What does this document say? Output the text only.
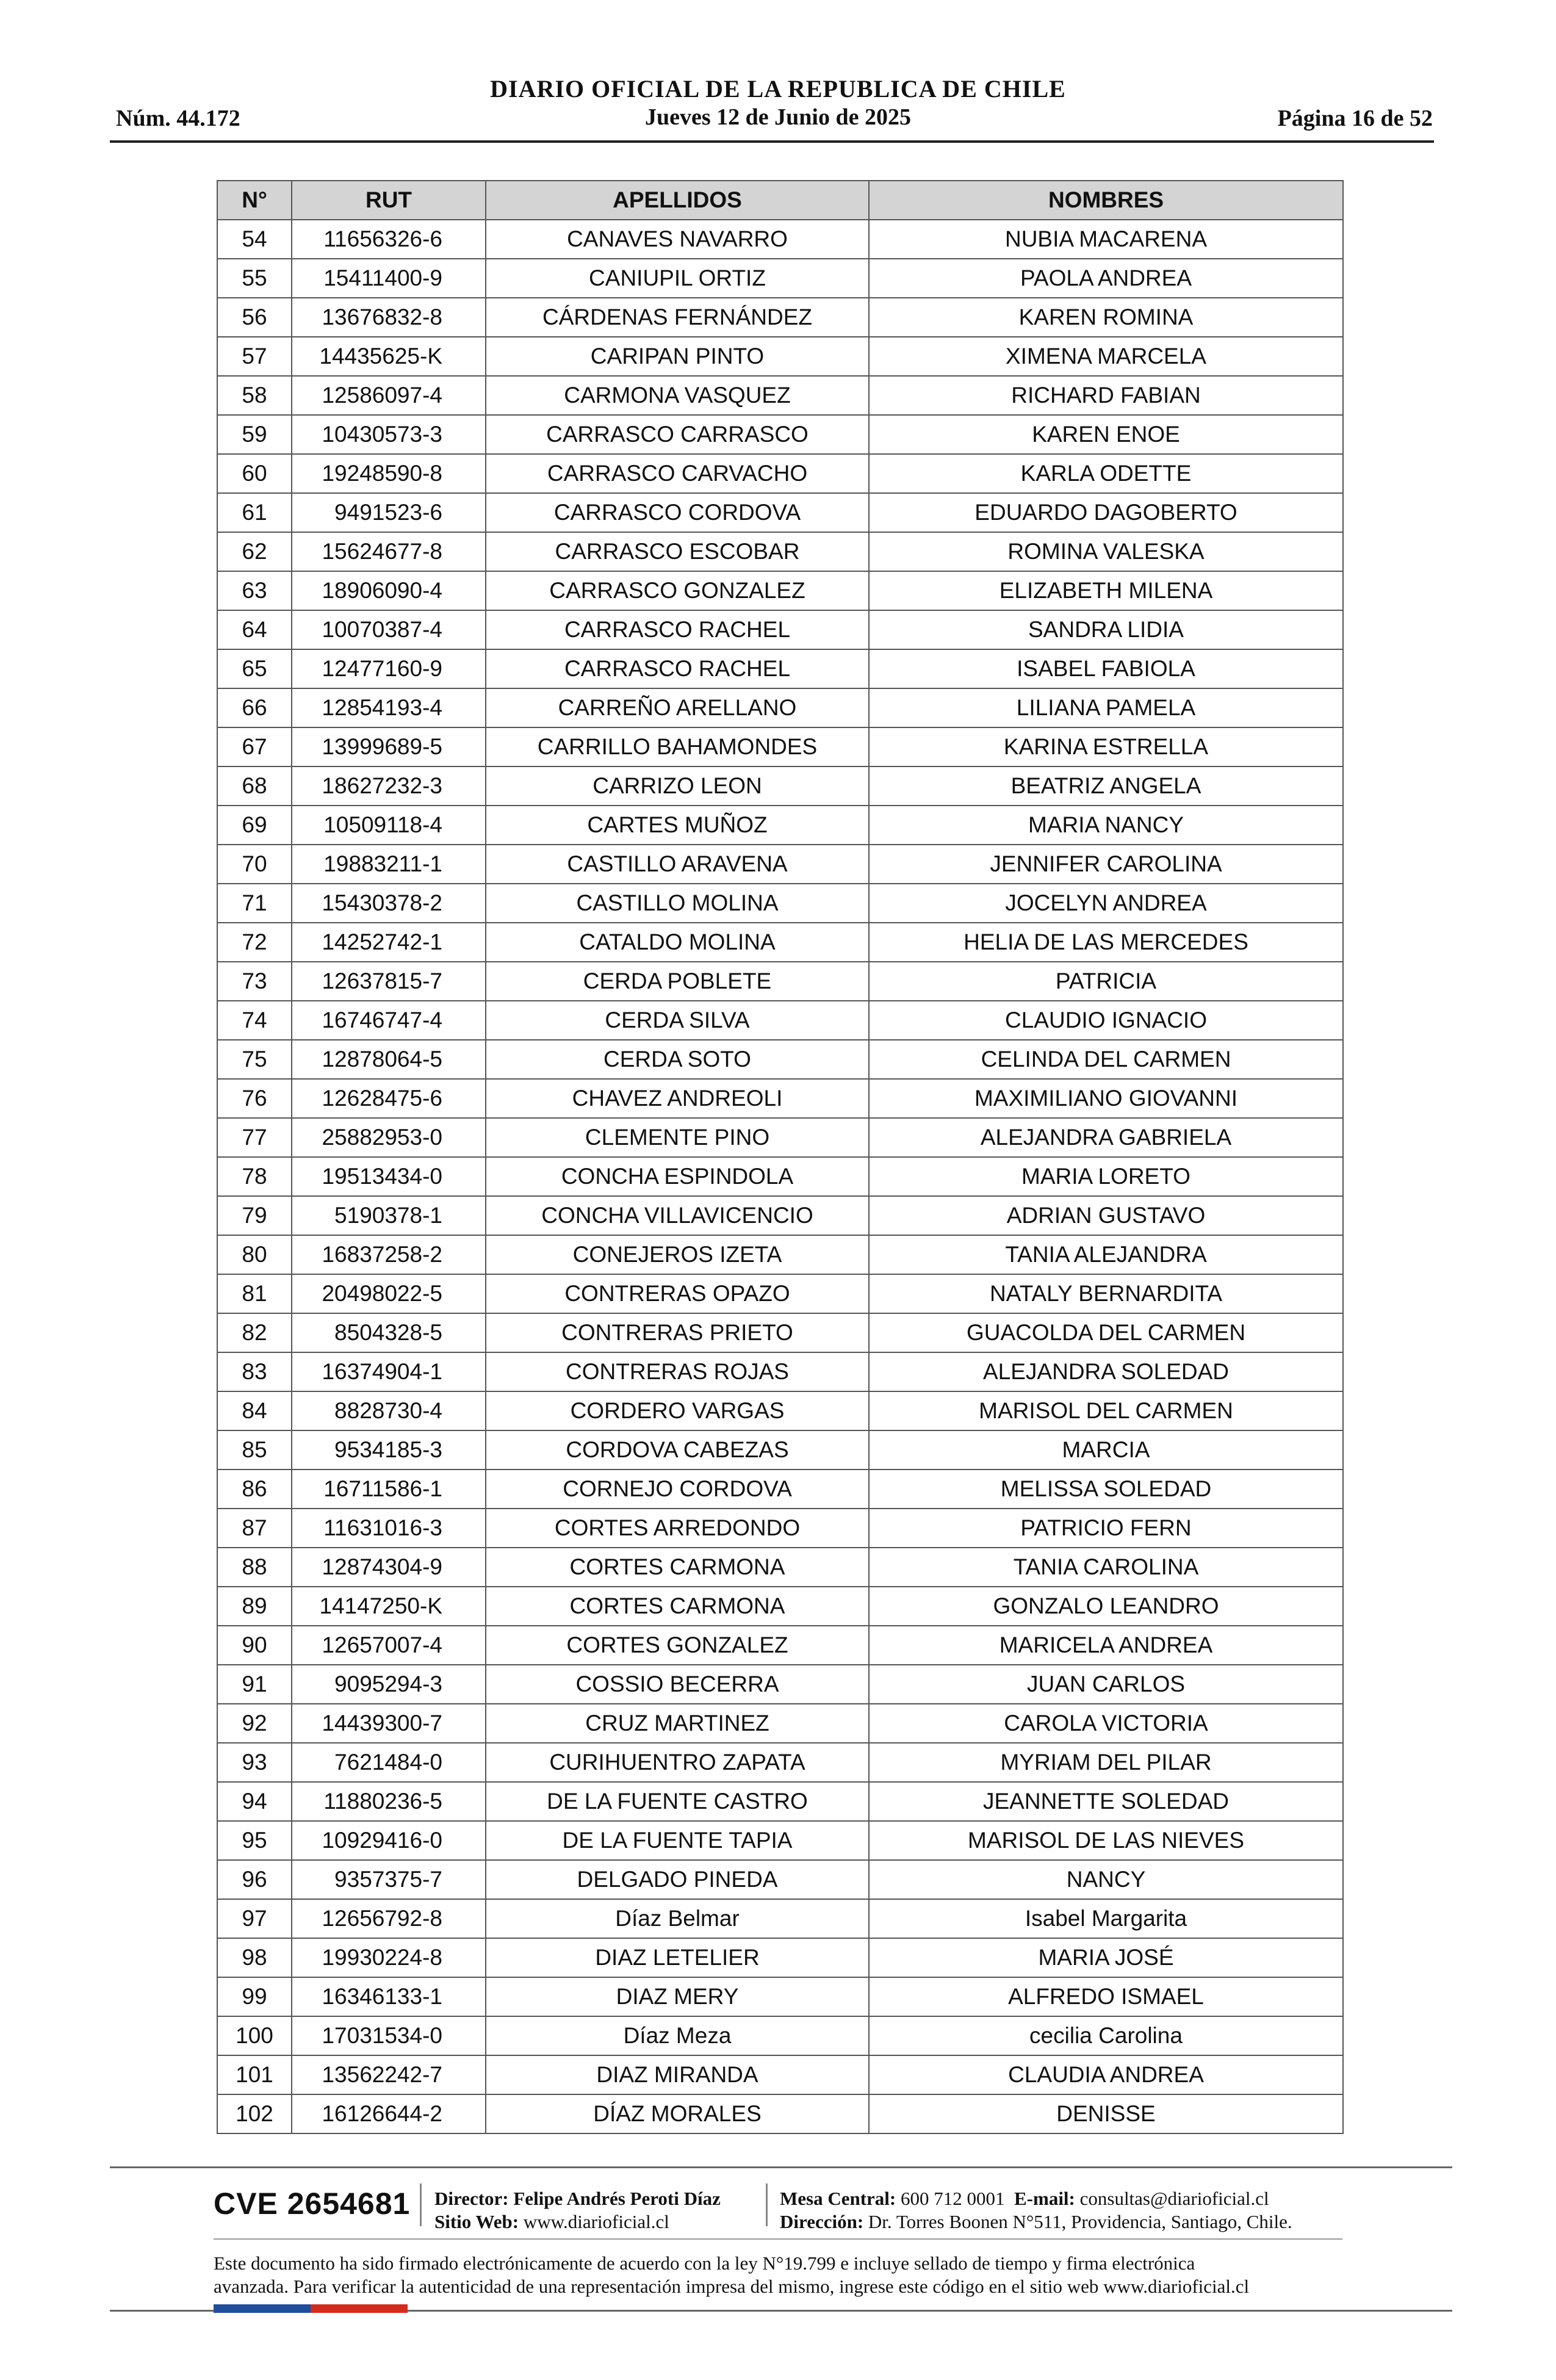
DIARIO OFICIAL DE LA REPUBLICA DE CHILE
Jueves 12 de Junio de 2025
Núm. 44.172	Página 16 de 52
N°	RUT	APELLIDOS	NOMBRES
54	11656326-6	CANAVES NAVARRO	NUBIA MACARENA
55	15411400-9	CANIUPIL ORTIZ	PAOLA ANDREA
56	13676832-8	CÁRDENAS FERNÁNDEZ	KAREN ROMINA
57	14435625-K	CARIPAN PINTO	XIMENA MARCELA
58	12586097-4	CARMONA VASQUEZ	RICHARD FABIAN
59	10430573-3	CARRASCO CARRASCO	KAREN ENOE
60	19248590-8	CARRASCO CARVACHO	KARLA ODETTE
61	9491523-6	CARRASCO CORDOVA	EDUARDO DAGOBERTO
62	15624677-8	CARRASCO ESCOBAR	ROMINA VALESKA
63	18906090-4	CARRASCO GONZALEZ	ELIZABETH MILENA
64	10070387-4	CARRASCO RACHEL	SANDRA LIDIA
65	12477160-9	CARRASCO RACHEL	ISABEL FABIOLA
66	12854193-4	CARREÑO ARELLANO	LILIANA PAMELA
67	13999689-5	CARRILLO BAHAMONDES	KARINA ESTRELLA
68	18627232-3	CARRIZO LEON	BEATRIZ ANGELA
69	10509118-4	CARTES MUÑOZ	MARIA NANCY
70	19883211-1	CASTILLO ARAVENA	JENNIFER CAROLINA
71	15430378-2	CASTILLO MOLINA	JOCELYN ANDREA
72	14252742-1	CATALDO MOLINA	HELIA DE LAS MERCEDES
73	12637815-7	CERDA POBLETE	PATRICIA
74	16746747-4	CERDA SILVA	CLAUDIO IGNACIO
75	12878064-5	CERDA SOTO	CELINDA DEL CARMEN
76	12628475-6	CHAVEZ ANDREOLI	MAXIMILIANO GIOVANNI
77	25882953-0	CLEMENTE PINO	ALEJANDRA GABRIELA
78	19513434-0	CONCHA ESPINDOLA	MARIA LORETO
79	5190378-1	CONCHA VILLAVICENCIO	ADRIAN GUSTAVO
80	16837258-2	CONEJEROS IZETA	TANIA ALEJANDRA
81	20498022-5	CONTRERAS OPAZO	NATALY BERNARDITA
82	8504328-5	CONTRERAS PRIETO	GUACOLDA DEL CARMEN
83	16374904-1	CONTRERAS ROJAS	ALEJANDRA SOLEDAD
84	8828730-4	CORDERO VARGAS	MARISOL DEL CARMEN
85	9534185-3	CORDOVA CABEZAS	MARCIA
86	16711586-1	CORNEJO CORDOVA	MELISSA SOLEDAD
87	11631016-3	CORTES ARREDONDO	PATRICIO FERN
88	12874304-9	CORTES CARMONA	TANIA CAROLINA
89	14147250-K	CORTES CARMONA	GONZALO LEANDRO
90	12657007-4	CORTES GONZALEZ	MARICELA ANDREA
91	9095294-3	COSSIO BECERRA	JUAN CARLOS
92	14439300-7	CRUZ MARTINEZ	CAROLA VICTORIA
93	7621484-0	CURIHUENTRO ZAPATA	MYRIAM DEL PILAR
94	11880236-5	DE LA FUENTE CASTRO	JEANNETTE SOLEDAD
95	10929416-0	DE LA FUENTE TAPIA	MARISOL DE LAS NIEVES
96	9357375-7	DELGADO PINEDA	NANCY
97	12656792-8	Díaz Belmar	Isabel Margarita
98	19930224-8	DIAZ LETELIER	MARIA JOSÉ
99	16346133-1	DIAZ MERY	ALFREDO ISMAEL
100	17031534-0	Díaz Meza	cecilia Carolina
101	13562242-7	DIAZ MIRANDA	CLAUDIA ANDREA
102	16126644-2	DÍAZ MORALES	DENISSE
CVE 2654681 Director: Felipe Andrés Peroti Díaz
Sitio Web: www.diarioficial.cl
Mesa Central: 600 712 0001 E-mail: consultas@diarioficial.cl
Dirección: Dr. Torres Boonen N°511, Providencia, Santiago, Chile.
Este documento ha sido firmado electrónicamente de acuerdo con la ley N°19.799 e incluye sellado de tiempo y firma electrónica
avanzada. Para verificar la autenticidad de una representación impresa del mismo, ingrese este código en el sitio web www.diarioficial.cl
